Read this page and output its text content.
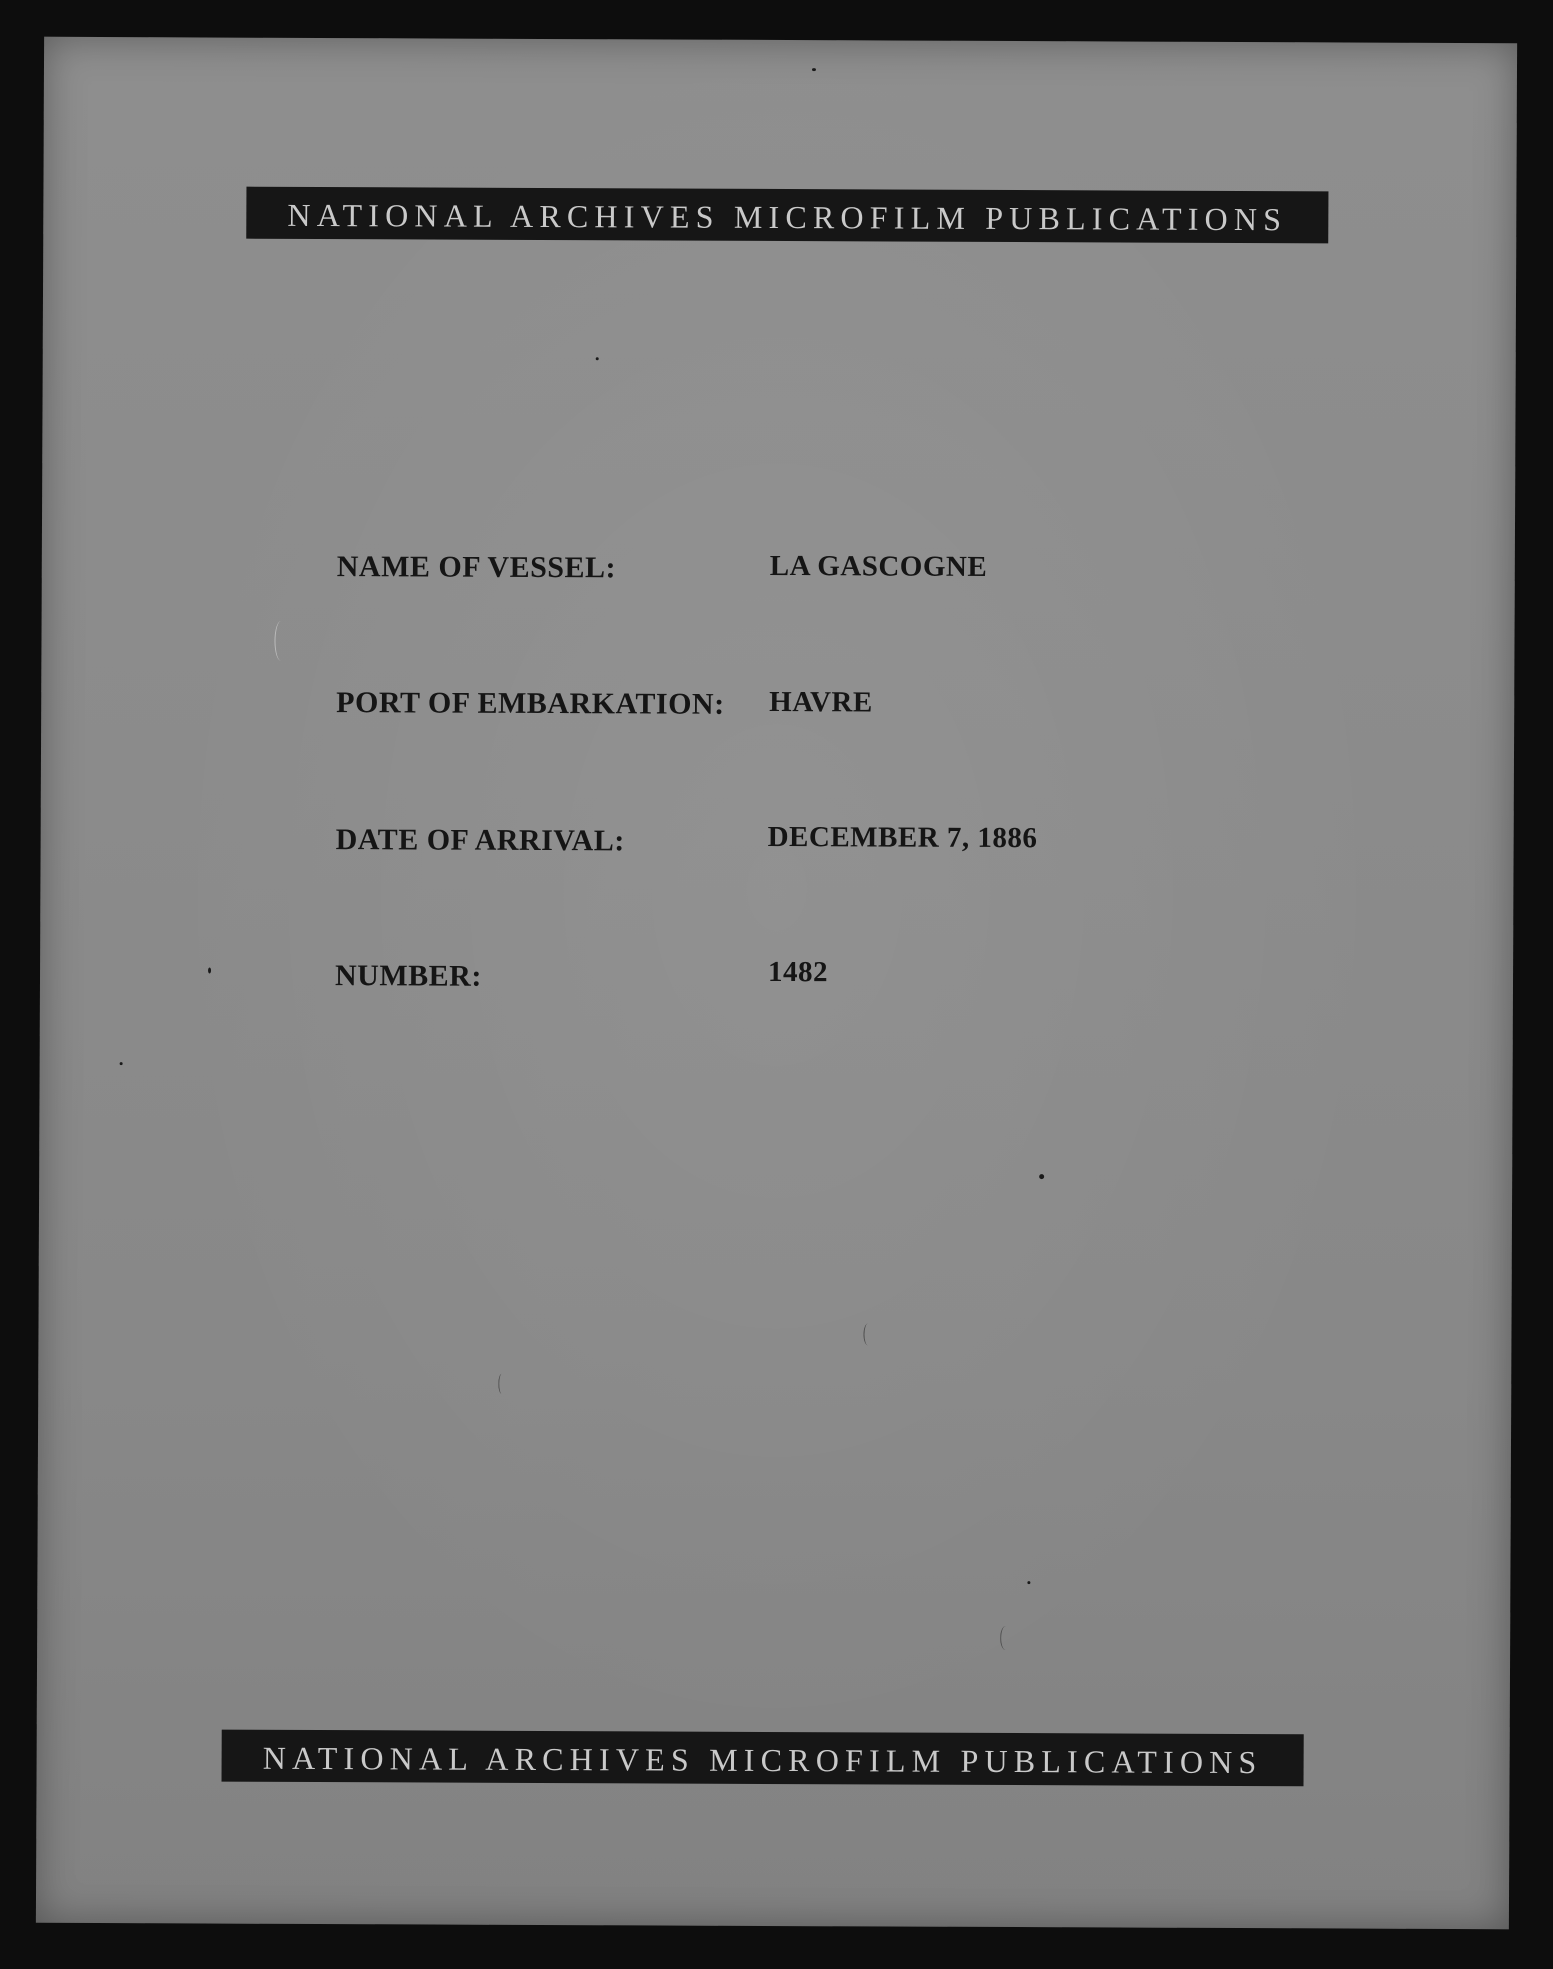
NATIONAL ARCHIVES MICROFILM PUBLICATIONS
NAME OF VESSEL:	LA GASCOGNE
PORT OF EMBARKATION: HAVRE
DATE OF ARRIVAL:	DECEMBER 7, 1886
NUMBER:	1482
NATIONAL ARCHIVES MICROFILM PUBLICATIONS
